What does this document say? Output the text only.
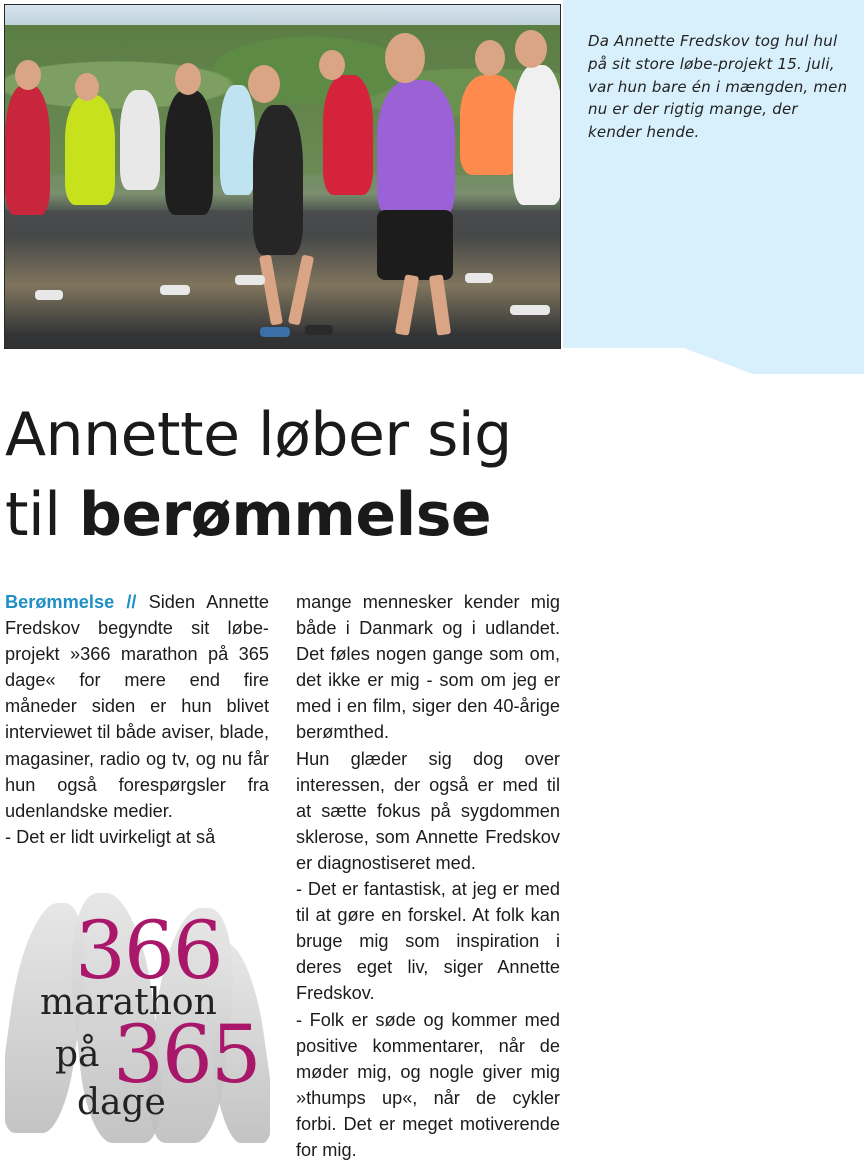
Da Annette Fredskov tog hul hul på sit store løbe-projekt 15. juli, var hun bare én i mængden, men nu er der rigtig mange, der kender hende.
Annette løber sig
til berømmelse

Berømmelse // Siden Annette Fredskov begyndte sit løbe-projekt »366 marathon på 365 dage« for mere end fire måneder siden er hun blivet interviewet til både aviser, blade, magasiner, radio og tv, og nu får hun også forespørgsler fra udenlandske medier.

- Det er lidt uvirkeligt at så

mange mennesker kender mig både i Danmark og i udlandet. Det føles nogen gange som om, det ikke er mig - som om jeg er med i en film, siger den 40-årige berømthed.

Hun glæder sig dog over interessen, der også er med til at sætte fokus på sygdommen sklerose, som Annette Fredskov er diagnostiseret med.

- Det er fantastisk, at jeg er med til at gøre en forskel. At folk kan bruge mig som inspiration i deres eget liv, siger Annette Fredskov.

- Folk er søde og kommer med positive kommentarer, når de møder mig, og nogle giver mig »thumps up«, når de cykler forbi. Det er meget motiverende for mig.

366
marathon
på 365
dage
